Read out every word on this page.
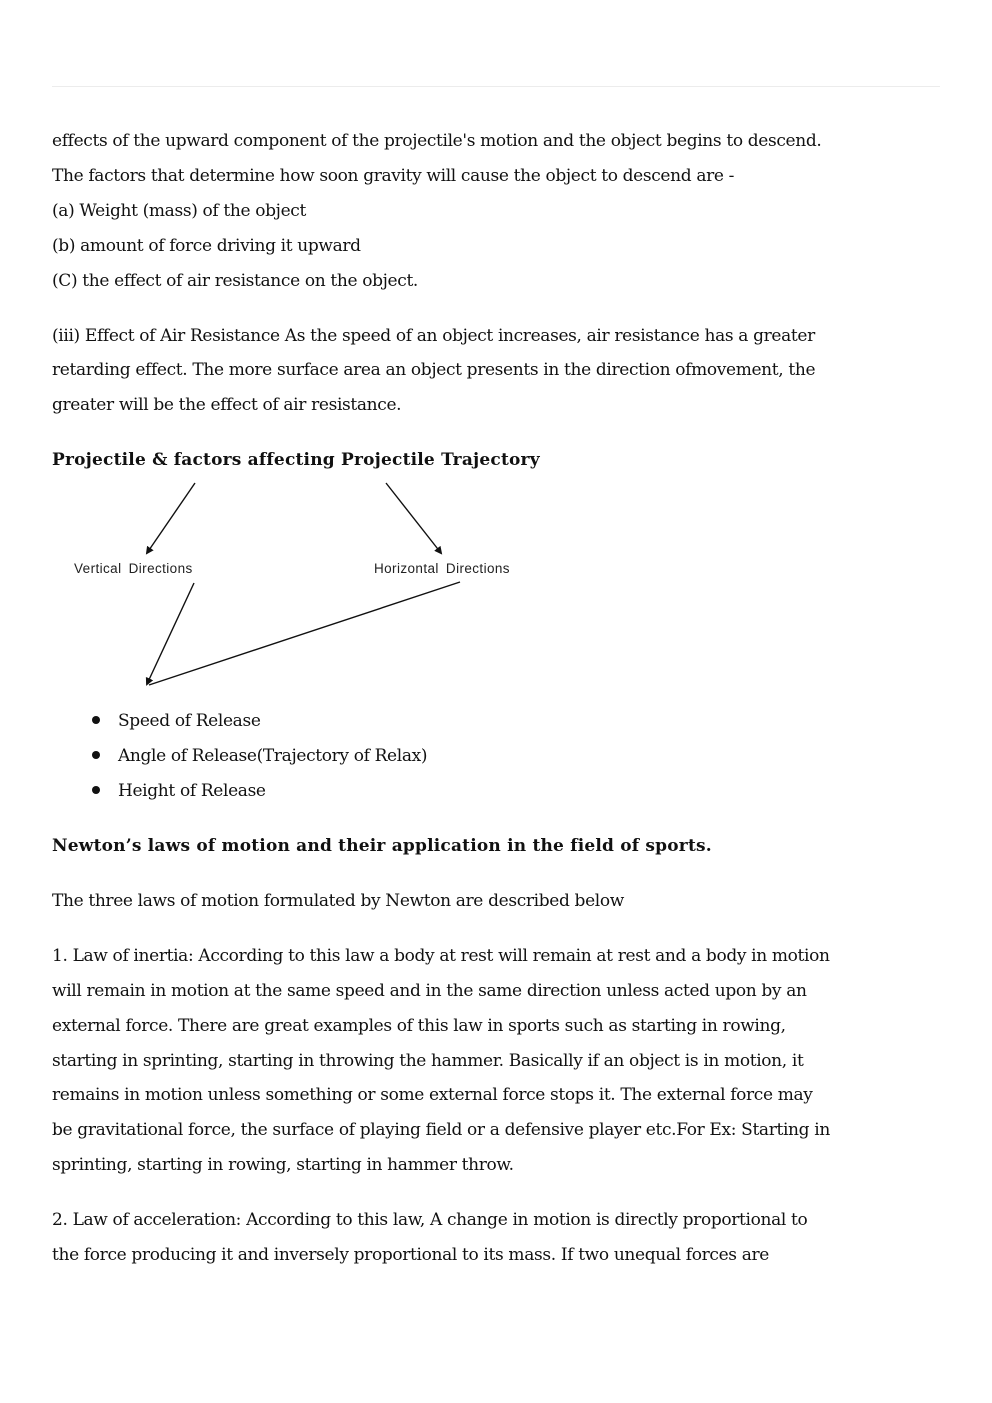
effects of the upward component of the projectile's motion and the object begins to descend.
The factors that determine how soon gravity will cause the object to descend are -
(a) Weight (mass) of the object
(b) amount of force driving it upward
(C) the effect of air resistance on the object.
(iii) Effect of Air Resistance As the speed of an object increases, air resistance has a greater
retarding effect. The more surface area an object presents in the direction ofmovement, the
greater will be the effect of air resistance.
Projectile & factors affecting Projectile Trajectory
Vertical Directions	Horizontal Directions
Speed of Release
Angle of Release(Trajectory of Relax)
Height of Release
Newton’s laws of motion and their application in the field of sports.
The three laws of motion formulated by Newton are described below
1. Law of inertia: According to this law a body at rest will remain at rest and a body in motion
will remain in motion at the same speed and in the same direction unless acted upon by an
external force. There are great examples of this law in sports such as starting in rowing,
starting in sprinting, starting in throwing the hammer. Basically if an object is in motion, it
remains in motion unless something or some external force stops it. The external force may
be gravitational force, the surface of playing field or a defensive player etc.For Ex: Starting in
sprinting, starting in rowing, starting in hammer throw.
2. Law of acceleration: According to this law, A change in motion is directly proportional to
the force producing it and inversely proportional to its mass. If two unequal forces are
